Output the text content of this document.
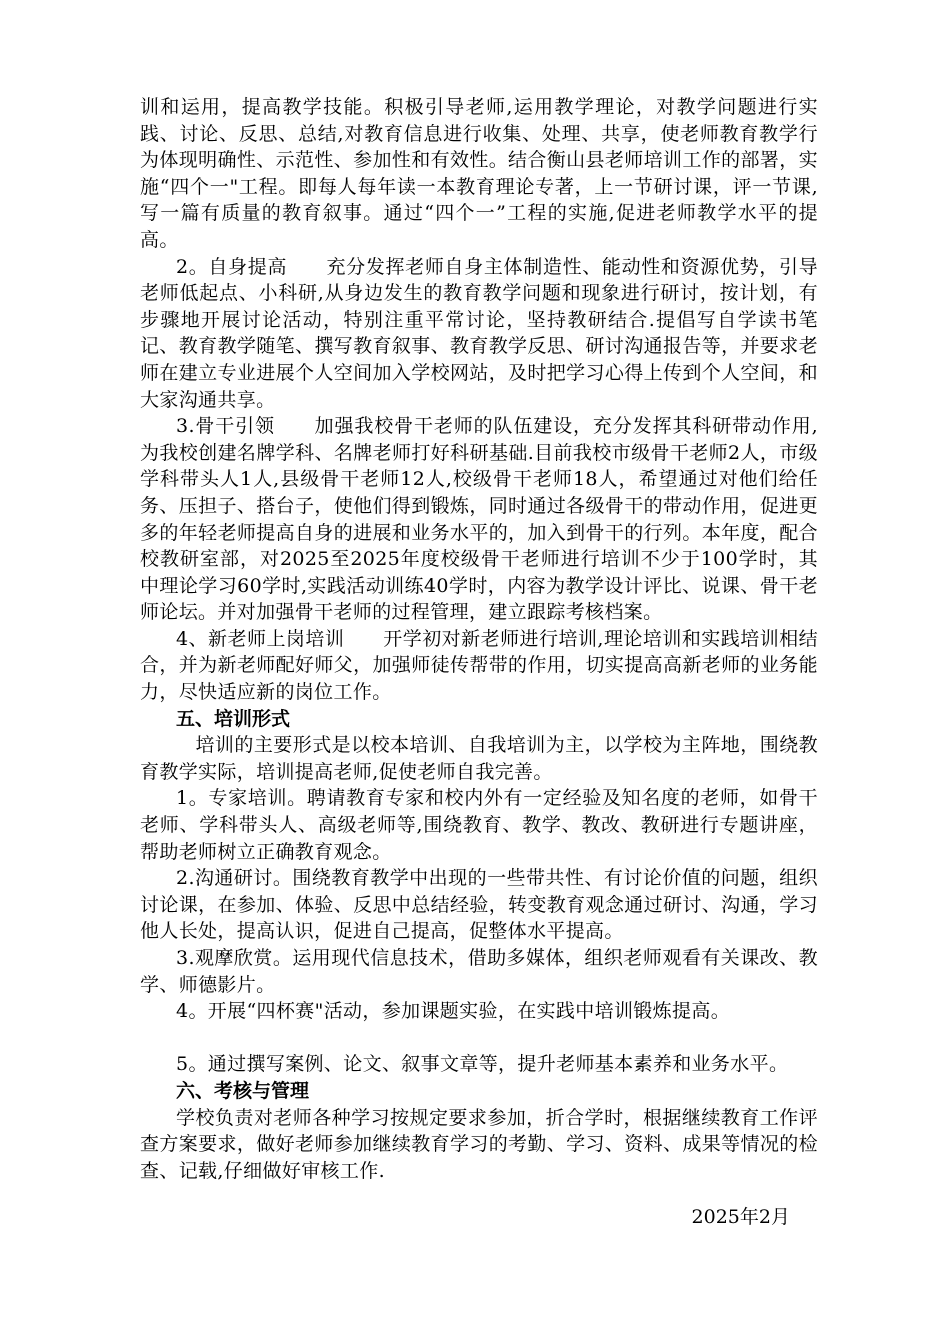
训和运用，提高教学技能。积极引导老师,运用教学理论，对教学问题进行实践、讨论、反思、总结,对教育信息进行收集、处理、共享，使老师教育教学行为体现明确性、示范性、参加性和有效性。结合衡山县老师培训工作的部署，实施“四个一"工程。即每人每年读一本教育理论专著，上一节研讨课，评一节课,写一篇有质量的教育叙事。通过“四个一”工程的实施,促进老师教学水平的提高。

2。自身提高　　充分发挥老师自身主体制造性、能动性和资源优势，引导老师低起点、小科研,从身边发生的教育教学问题和现象进行研讨，按计划，有步骤地开展讨论活动，特别注重平常讨论，坚持教研结合.提倡写自学读书笔记、教育教学随笔、撰写教育叙事、教育教学反思、研讨沟通报告等，并要求老师在建立专业进展个人空间加入学校网站，及时把学习心得上传到个人空间，和大家沟通共享。

3.骨干引领　　加强我校骨干老师的队伍建设，充分发挥其科研带动作用,为我校创建名牌学科、名牌老师打好科研基础.目前我校市级骨干老师2人，市级学科带头人1人,县级骨干老师12人,校级骨干老师18人，希望通过对他们给任务、压担子、搭台子，使他们得到锻炼，同时通过各级骨干的带动作用，促进更多的年轻老师提高自身的进展和业务水平的，加入到骨干的行列。本年度，配合校教研室部，对2025至2025年度校级骨干老师进行培训不少于100学时，其中理论学习60学时,实践活动训练40学时，内容为教学设计评比、说课、骨干老师论坛。并对加强骨干老师的过程管理，建立跟踪考核档案。

4、新老师上岗培训　　开学初对新老师进行培训,理论培训和实践培训相结合，并为新老师配好师父，加强师徒传帮带的作用，切实提高高新老师的业务能力，尽快适应新的岗位工作。

五、培训形式

　培训的主要形式是以校本培训、自我培训为主，以学校为主阵地，围绕教育教学实际，培训提高老师,促使老师自我完善。

1。专家培训。聘请教育专家和校内外有一定经验及知名度的老师，如骨干老师、学科带头人、高级老师等,围绕教育、教学、教改、教研进行专题讲座，帮助老师树立正确教育观念。

2.沟通研讨。围绕教育教学中出现的一些带共性、有讨论价值的问题，组织讨论课，在参加、体验、反思中总结经验，转变教育观念通过研讨、沟通，学习他人长处，提高认识，促进自己提高，促整体水平提高。

3.观摩欣赏。运用现代信息技术，借助多媒体，组织老师观看有关课改、教学、师德影片。

4。开展“四杯赛"活动，参加课题实验，在实践中培训锻炼提高。

5。通过撰写案例、论文、叙事文章等，提升老师基本素养和业务水平。

六、考核与管理

学校负责对老师各种学习按规定要求参加，折合学时，根据继续教育工作评查方案要求，做好老师参加继续教育学习的考勤、学习、资料、成果等情况的检查、记载,仔细做好审核工作.

2025年2月
